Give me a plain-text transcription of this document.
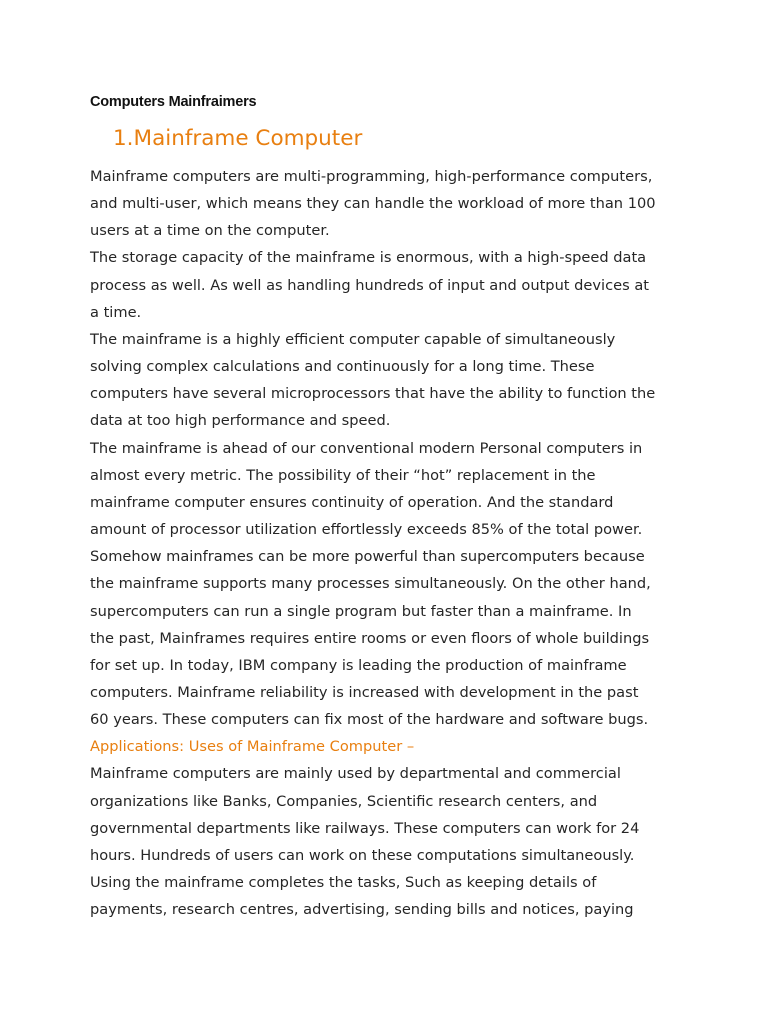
Computers Mainfraimers
1.Mainframe Computer
Mainframe computers are multi-programming, high-performance computers,
and multi-user, which means they can handle the workload of more than 100
users at a time on the computer.
The storage capacity of the mainframe is enormous, with a high-speed data
process as well. As well as handling hundreds of input and output devices at
a time.
The mainframe is a highly efficient computer capable of simultaneously
solving complex calculations and continuously for a long time. These
computers have several microprocessors that have the ability to function the
data at too high performance and speed.
The mainframe is ahead of our conventional modern Personal computers in
almost every metric. The possibility of their “hot” replacement in the
mainframe computer ensures continuity of operation. And the standard
amount of processor utilization effortlessly exceeds 85% of the total power.
Somehow mainframes can be more powerful than supercomputers because
the mainframe supports many processes simultaneously. On the other hand,
supercomputers can run a single program but faster than a mainframe. In
the past, Mainframes requires entire rooms or even floors of whole buildings
for set up. In today, IBM company is leading the production of mainframe
computers. Mainframe reliability is increased with development in the past
60 years. These computers can fix most of the hardware and software bugs.
Applications: Uses of Mainframe Computer –
Mainframe computers are mainly used by departmental and commercial
organizations like Banks, Companies, Scientific research centers, and
governmental departments like railways. These computers can work for 24
hours. Hundreds of users can work on these computations simultaneously.
Using the mainframe completes the tasks, Such as keeping details of
payments, research centres, advertising, sending bills and notices, paying
